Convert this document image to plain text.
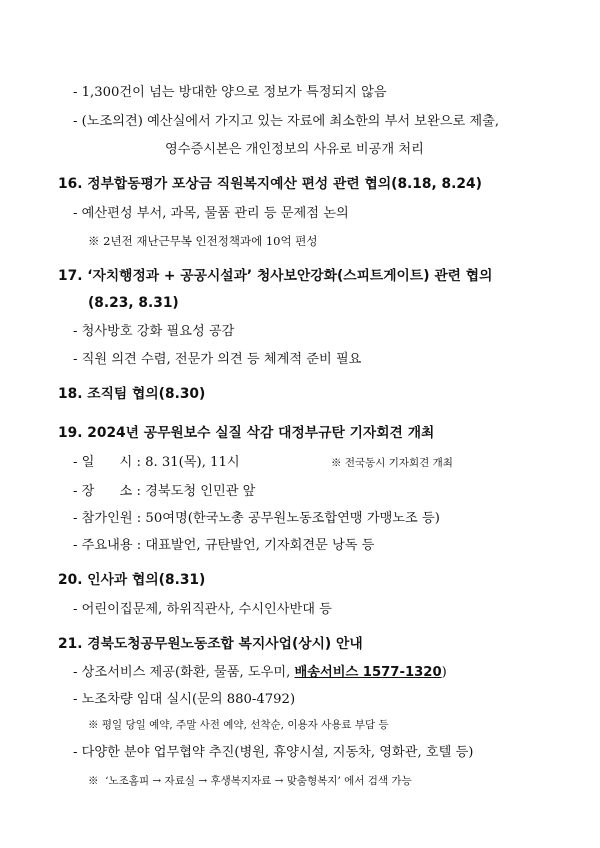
- 1,300건이 넘는 방대한 양으로 정보가 특정되지 않음
- (노조의견) 예산실에서 가지고 있는 자료에 최소한의 부서 보완으로 제출,
영수증시본은 개인정보의 사유로 비공개 처리
16. 정부합동평가 포상금 직원복지예산 편성 관련 협의(8.18, 8.24)
- 예산편성 부서, 과목, 물품 관리 등 문제점 논의
※ 2년전 재난근무복 인전정책과에 10억 편성
17. ‘자치행정과 + 공공시설과’ 청사보안강화(스피트게이트) 관련 협의
(8.23, 8.31)
- 청사방호 강화 필요성 공감
- 직원 의견 수렴, 전문가 의견 등 체계적 준비 필요
18. 조직팀 협의(8.30)
19. 2024년 공무원보수 실질 삭감 대정부규탄 기자회견 개최
- 일      시 : 8. 31(목), 11시	※ 전국동시 기자회견 개최
- 장      소 : 경북도청 인민관 앞
- 참가인원 : 50여명(한국노총 공무원노동조합연맹 가맹노조 등)
- 주요내용 : 대표발언, 규탄발언, 기자회견문 낭독 등
20. 인사과 협의(8.31)
- 어린이집문제, 하위직관사, 수시인사반대 등
21. 경북도청공무원노동조합 복지사업(상시) 안내
- 상조서비스 제공(화환, 물품, 도우미, 배송서비스 1577-1320)
- 노조차량 임대 실시(문의 880-4792)
※ 평일 당일 예약, 주말 사전 예약, 선착순, 이용자 사용료 부담 등
- 다양한 분야 업무협약 추진(병원, 휴양시설, 지동차, 영화관, 호텔 등)
※  ‘노조홈피 → 자료실 → 후생복지자료 → 맞춤형복지’ 에서 검색 가능
